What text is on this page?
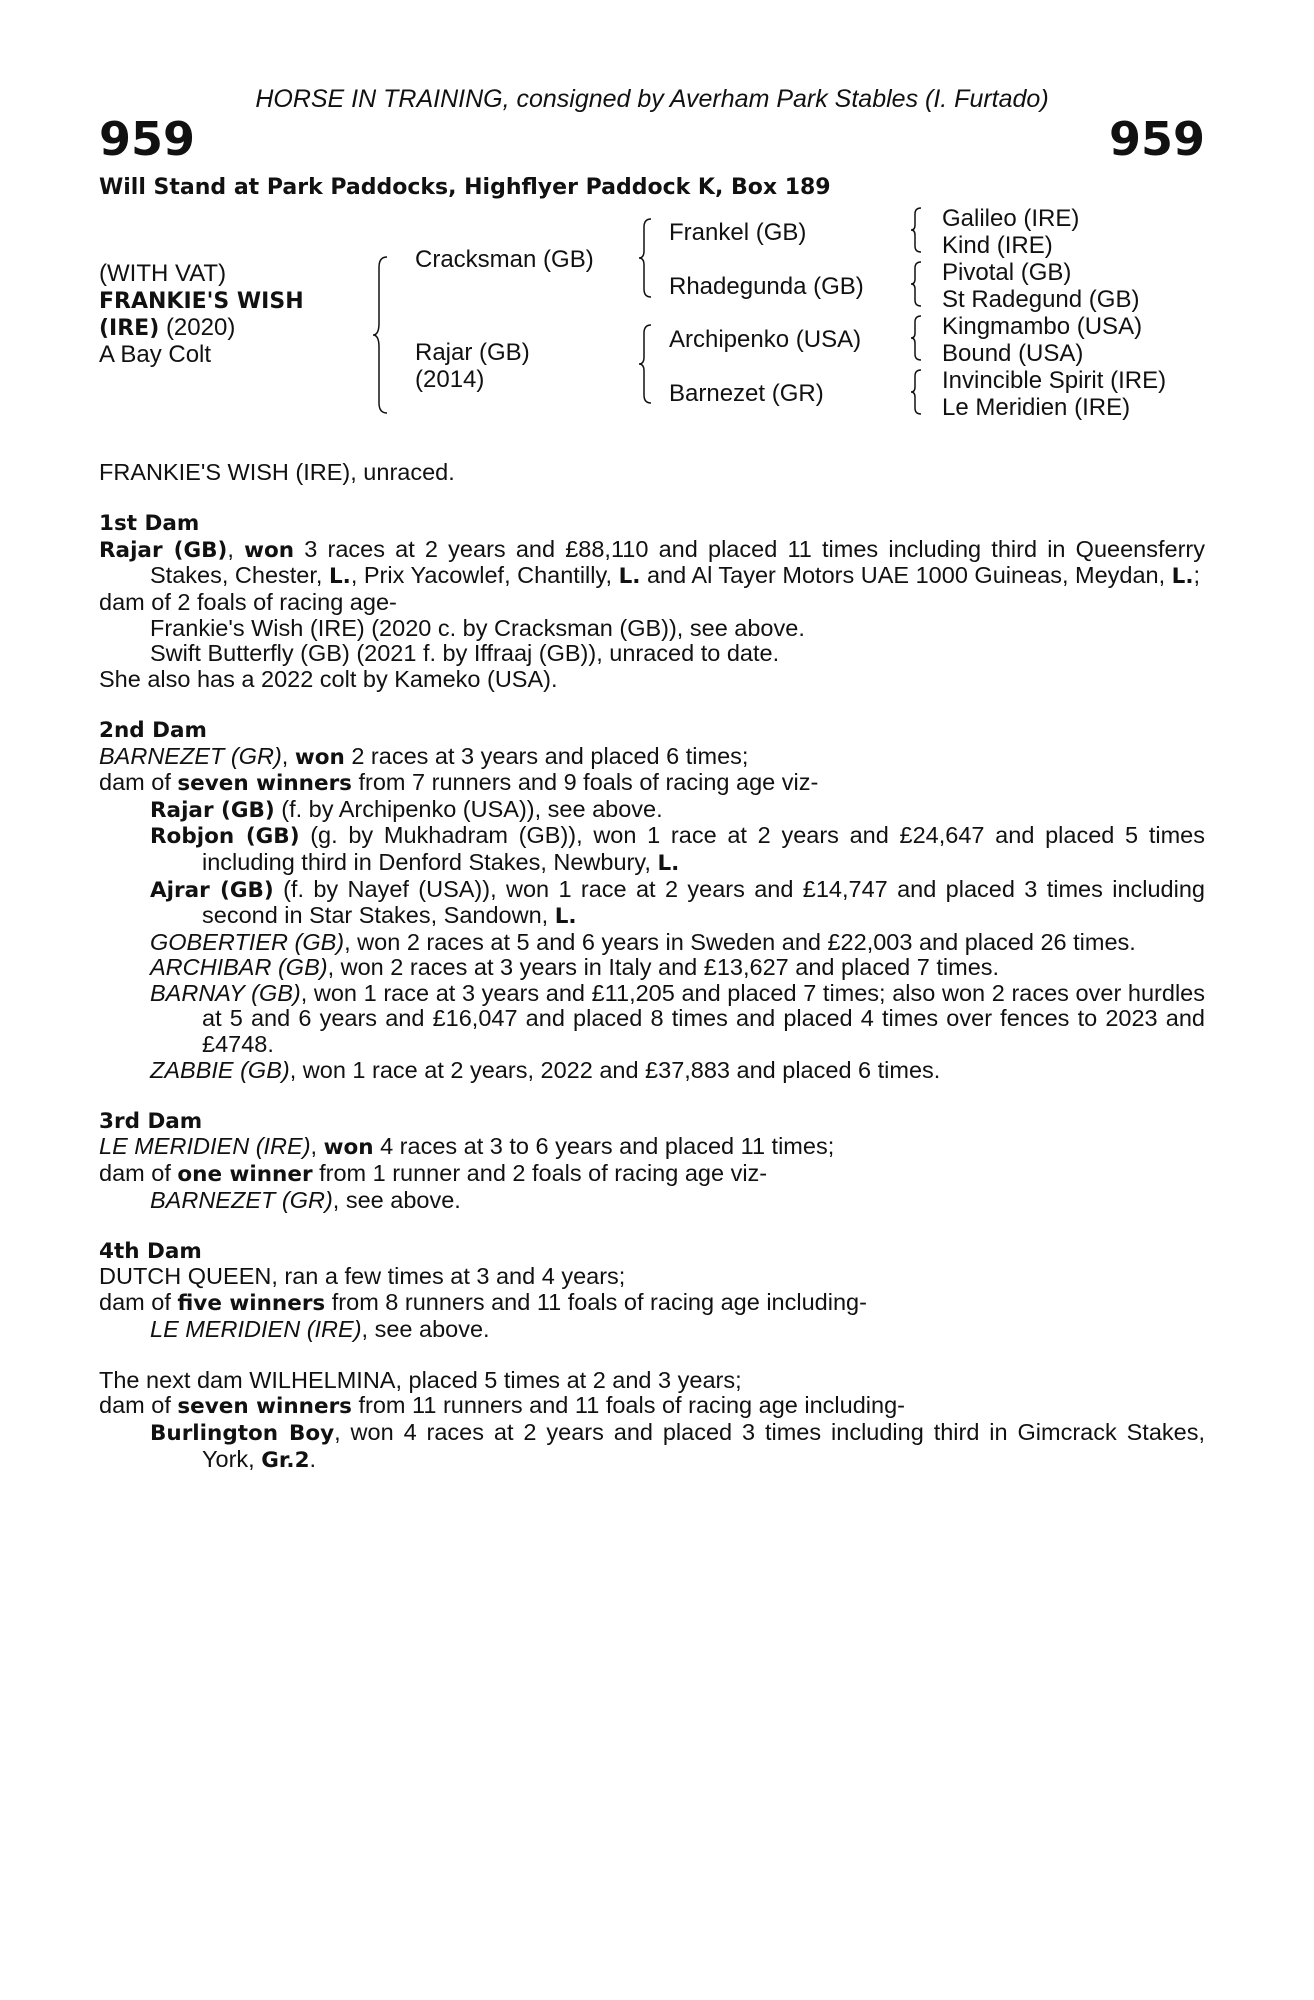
HORSE IN TRAINING, consigned by Averham Park Stables (I. Furtado)
959	959
Will Stand at Park Paddocks, Highflyer Paddock K, Box 189
(WITH VAT)
FRANKIE'S WISH
(IRE) (2020)
A Bay Colt
Cracksman (GB)
Rajar (GB)
(2014)
Frankel (GB)
Rhadegunda (GB)
Archipenko (USA)
Barnezet (GR)
Galileo (IRE)
Kind (IRE)
Pivotal (GB)
St Radegund (GB)
Kingmambo (USA)
Bound (USA)
Invincible Spirit (IRE)
Le Meridien (IRE)

FRANKIE'S WISH (IRE), unraced.

1st Dam

Rajar (GB), won 3 races at 2 years and £88,110 and placed 11 times including third in Queensferry Stakes, Chester, L., Prix Yacowlef, Chantilly, L. and Al Tayer Motors UAE 1000 Guineas, Meydan, L.;

dam of 2 foals of racing age-

Frankie's Wish (IRE) (2020 c. by Cracksman (GB)), see above.

Swift Butterfly (GB) (2021 f. by Iffraaj (GB)), unraced to date.

She also has a 2022 colt by Kameko (USA).

2nd Dam

BARNEZET (GR), won 2 races at 3 years and placed 6 times;

dam of seven winners from 7 runners and 9 foals of racing age viz-

Rajar (GB) (f. by Archipenko (USA)), see above.

Robjon (GB) (g. by Mukhadram (GB)), won 1 race at 2 years and £24,647 and placed 5 times including third in Denford Stakes, Newbury, L.

Ajrar (GB) (f. by Nayef (USA)), won 1 race at 2 years and £14,747 and placed 3 times including second in Star Stakes, Sandown, L.

GOBERTIER (GB), won 2 races at 5 and 6 years in Sweden and £22,003 and placed 26 times.

ARCHIBAR (GB), won 2 races at 3 years in Italy and £13,627 and placed 7 times.

BARNAY (GB), won 1 race at 3 years and £11,205 and placed 7 times; also won 2 races over hurdles at 5 and 6 years and £16,047 and placed 8 times and placed 4 times over fences to 2023 and £4748.

ZABBIE (GB), won 1 race at 2 years, 2022 and £37,883 and placed 6 times.

3rd Dam

LE MERIDIEN (IRE), won 4 races at 3 to 6 years and placed 11 times;

dam of one winner from 1 runner and 2 foals of racing age viz-

BARNEZET (GR), see above.

4th Dam

DUTCH QUEEN, ran a few times at 3 and 4 years;

dam of five winners from 8 runners and 11 foals of racing age including-

LE MERIDIEN (IRE), see above.

The next dam WILHELMINA, placed 5 times at 2 and 3 years;

dam of seven winners from 11 runners and 11 foals of racing age including-

Burlington Boy, won 4 races at 2 years and placed 3 times including third in Gimcrack Stakes, York, Gr.2.
